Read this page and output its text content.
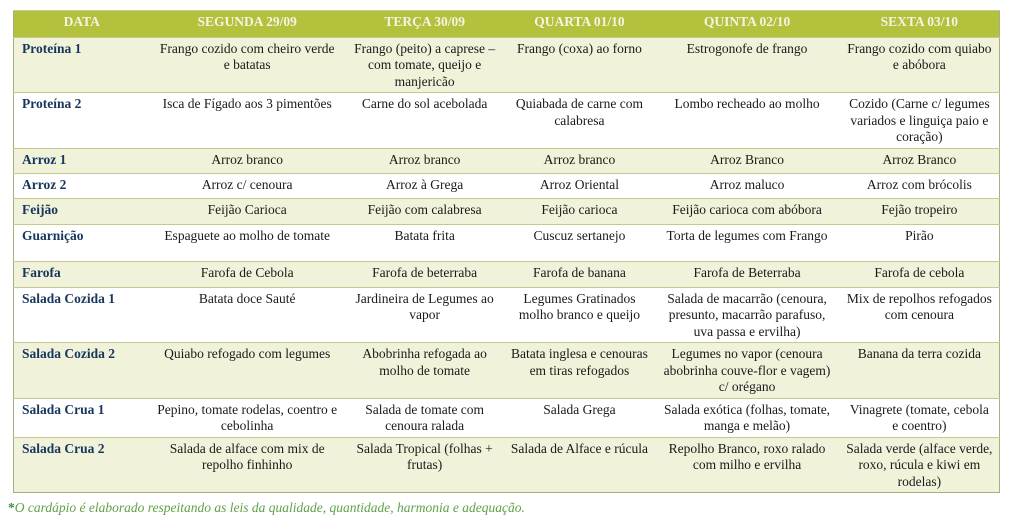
DATA	SEGUNDA 29/09	TERÇA 30/09	QUARTA 01/10	QUINTA 02/10	SEXTA 03/10
Proteína 1	Frango cozido com cheiro verde e batatas	Frango (peito) a caprese – com tomate, queijo e manjericão	Frango (coxa) ao forno	Estrogonofe de frango	Frango cozido com quiabo e abóbora
Proteína 2	Isca de Fígado aos 3 pimentões	Carne do sol acebolada	Quiabada de carne com calabresa	Lombo recheado ao molho	Cozido (Carne c/ legumes variados e linguiça paio e coração)
Arroz 1	Arroz branco	Arroz branco	Arroz branco	Arroz Branco	Arroz Branco
Arroz 2	Arroz c/ cenoura	Arroz à Grega	Arroz Oriental	Arroz maluco	Arroz com brócolis
Feijão	Feijão Carioca	Feijão com calabresa	Feijão carioca	Feijão carioca com abóbora	Fejão tropeiro
Guarnição	Espaguete ao molho de tomate	Batata frita	Cuscuz sertanejo	Torta de legumes com Frango	Pirão
Farofa	Farofa de Cebola	Farofa de beterraba	Farofa de banana	Farofa de Beterraba	Farofa de cebola
Salada Cozida 1	Batata doce Sauté	Jardineira de Legumes ao vapor	Legumes Gratinados molho branco e queijo	Salada de macarrão (cenoura, presunto, macarrão parafuso, uva passa e ervilha)	Mix de repolhos refogados com cenoura
Salada Cozida 2	Quiabo refogado com legumes	Abobrinha refogada ao molho de tomate	Batata inglesa e cenouras em tiras refogados	Legumes no vapor (cenoura abobrinha couve-flor e vagem) c/ orégano	Banana da terra cozida
Salada Crua 1	Pepino, tomate rodelas, coentro e cebolinha	Salada de tomate com cenoura ralada	Salada Grega	Salada exótica (folhas, tomate, manga e melão)	Vinagrete (tomate, cebola e coentro)
Salada Crua 2	Salada de alface com mix de repolho finhinho	Salada Tropical (folhas + frutas)	Salada de Alface e rúcula	Repolho Branco, roxo ralado com milho e ervilha	Salada verde (alface verde, roxo, rúcula e kiwi em rodelas)

*O cardápio é elaborado respeitando as leis da qualidade, quantidade, harmonia e adequação.
